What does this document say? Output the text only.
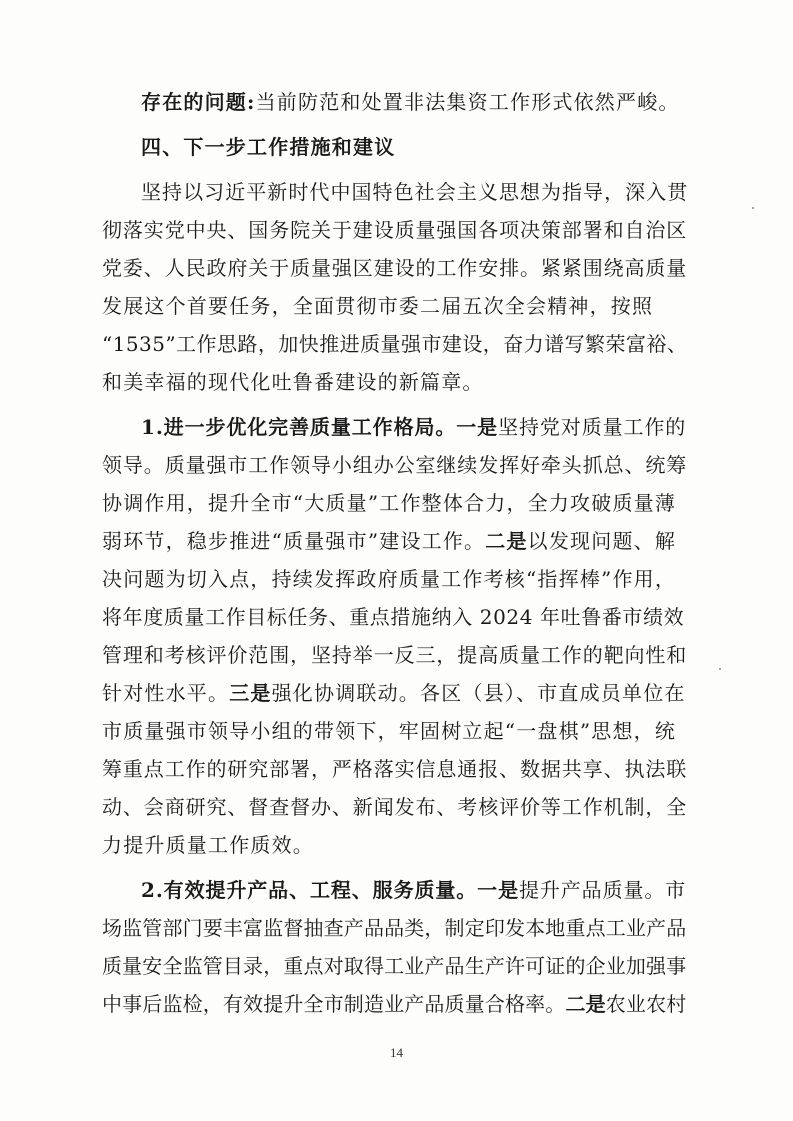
存在的问题:当前防范和处置非法集资工作形式依然严峻。
四、下一步工作措施和建议
坚持以习近平新时代中国特色社会主义思想为指导，深入贯
彻落实党中央、国务院关于建设质量强国各项决策部署和自治区
党委、人民政府关于质量强区建设的工作安排。紧紧围绕高质量
发展这个首要任务，全面贯彻市委二届五次全会精神，按照
“1535”工作思路，加快推进质量强市建设，奋力谱写繁荣富裕、
和美幸福的现代化吐鲁番建设的新篇章。
1.进一步优化完善质量工作格局。一是坚持党对质量工作的
领导。质量强市工作领导小组办公室继续发挥好牵头抓总、统筹
协调作用，提升全市“大质量”工作整体合力，全力攻破质量薄
弱环节，稳步推进“质量强市”建设工作。二是以发现问题、解
决问题为切入点，持续发挥政府质量工作考核“指挥棒”作用，
将年度质量工作目标任务、重点措施纳入 2024 年吐鲁番市绩效
管理和考核评价范围，坚持举一反三，提高质量工作的靶向性和
针对性水平。三是强化协调联动。各区（县）、市直成员单位在
市质量强市领导小组的带领下，牢固树立起“一盘棋”思想，统
筹重点工作的研究部署，严格落实信息通报、数据共享、执法联
动、会商研究、督查督办、新闻发布、考核评价等工作机制，全
力提升质量工作质效。
2.有效提升产品、工程、服务质量。一是提升产品质量。市
场监管部门要丰富监督抽查产品品类，制定印发本地重点工业产品
质量安全监管目录，重点对取得工业产品生产许可证的企业加强事
中事后监检，有效提升全市制造业产品质量合格率。二是农业农村
14
